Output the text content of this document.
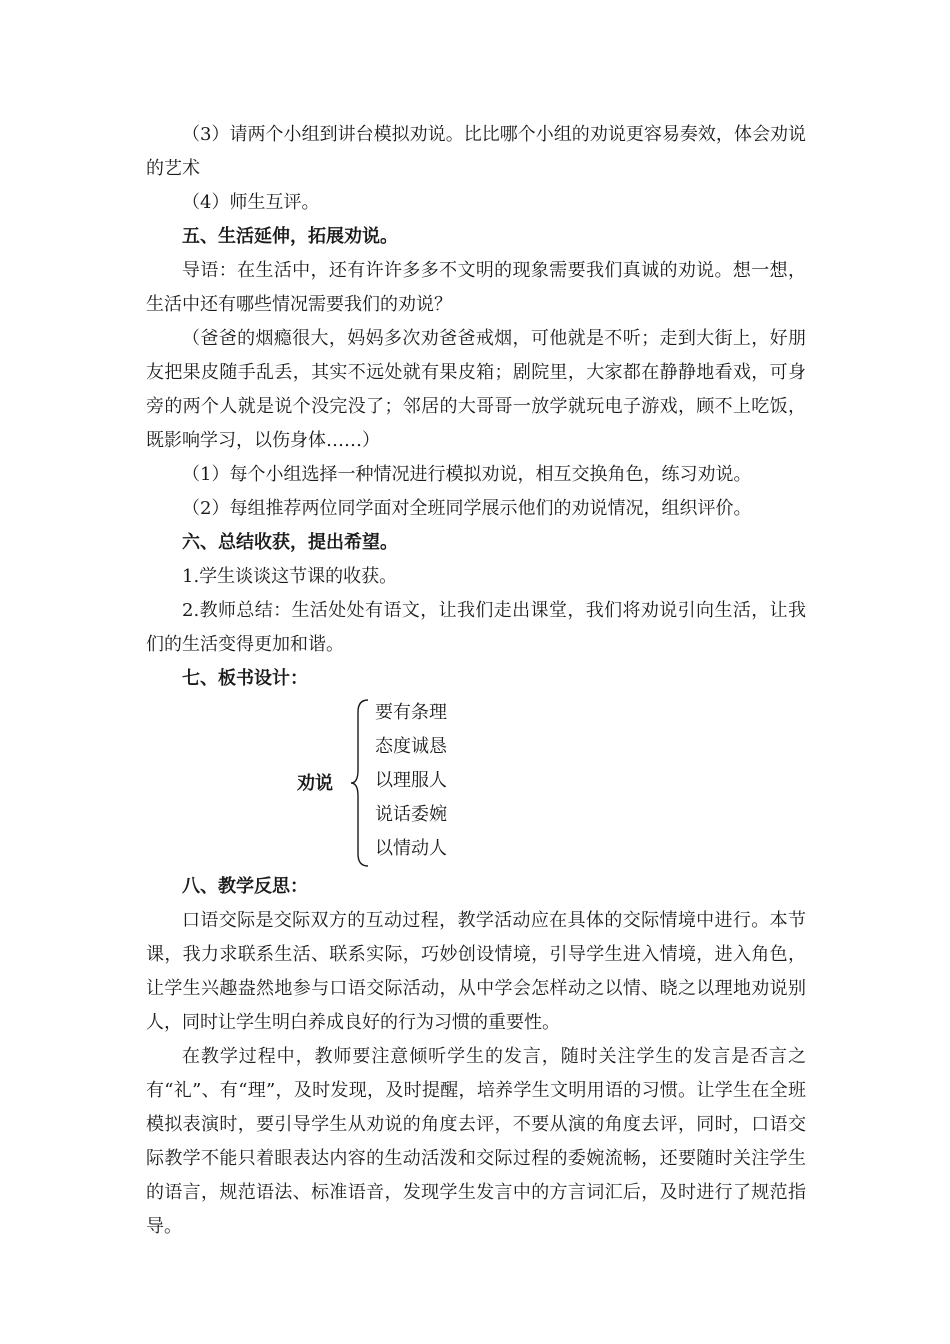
（3）请两个小组到讲台模拟劝说。比比哪个小组的劝说更容易奏效，体会劝说的艺术

（4）师生互评。

五、生活延伸，拓展劝说。

导语：在生活中，还有许许多多不文明的现象需要我们真诚的劝说。想一想，生活中还有哪些情况需要我们的劝说？

（爸爸的烟瘾很大，妈妈多次劝爸爸戒烟，可他就是不听；走到大街上，好朋友把果皮随手乱丢，其实不远处就有果皮箱；剧院里，大家都在静静地看戏，可身旁的两个人就是说个没完没了；邻居的大哥哥一放学就玩电子游戏，顾不上吃饭，既影响学习，以伤身体……）

（1）每个小组选择一种情况进行模拟劝说，相互交换角色，练习劝说。

（2）每组推荐两位同学面对全班同学展示他们的劝说情况，组织评价。

六、总结收获，提出希望。

1.学生谈谈这节课的收获。

2.教师总结：生活处处有语文，让我们走出课堂，我们将劝说引向生活，让我们的生活变得更加和谐。

七、板书设计：

劝说
要有条理
态度诚恳
以理服人
说话委婉
以情动人

八、教学反思：

口语交际是交际双方的互动过程，教学活动应在具体的交际情境中进行。本节课，我力求联系生活、联系实际，巧妙创设情境，引导学生进入情境，进入角色，让学生兴趣盎然地参与口语交际活动，从中学会怎样动之以情、晓之以理地劝说别人，同时让学生明白养成良好的行为习惯的重要性。

在教学过程中，教师要注意倾听学生的发言，随时关注学生的发言是否言之有“礼”、有“理”，及时发现，及时提醒，培养学生文明用语的习惯。让学生在全班模拟表演时，要引导学生从劝说的角度去评，不要从演的角度去评，同时，口语交际教学不能只着眼表达内容的生动活泼和交际过程的委婉流畅，还要随时关注学生的语言，规范语法、标准语音，发现学生发言中的方言词汇后，及时进行了规范指导。
